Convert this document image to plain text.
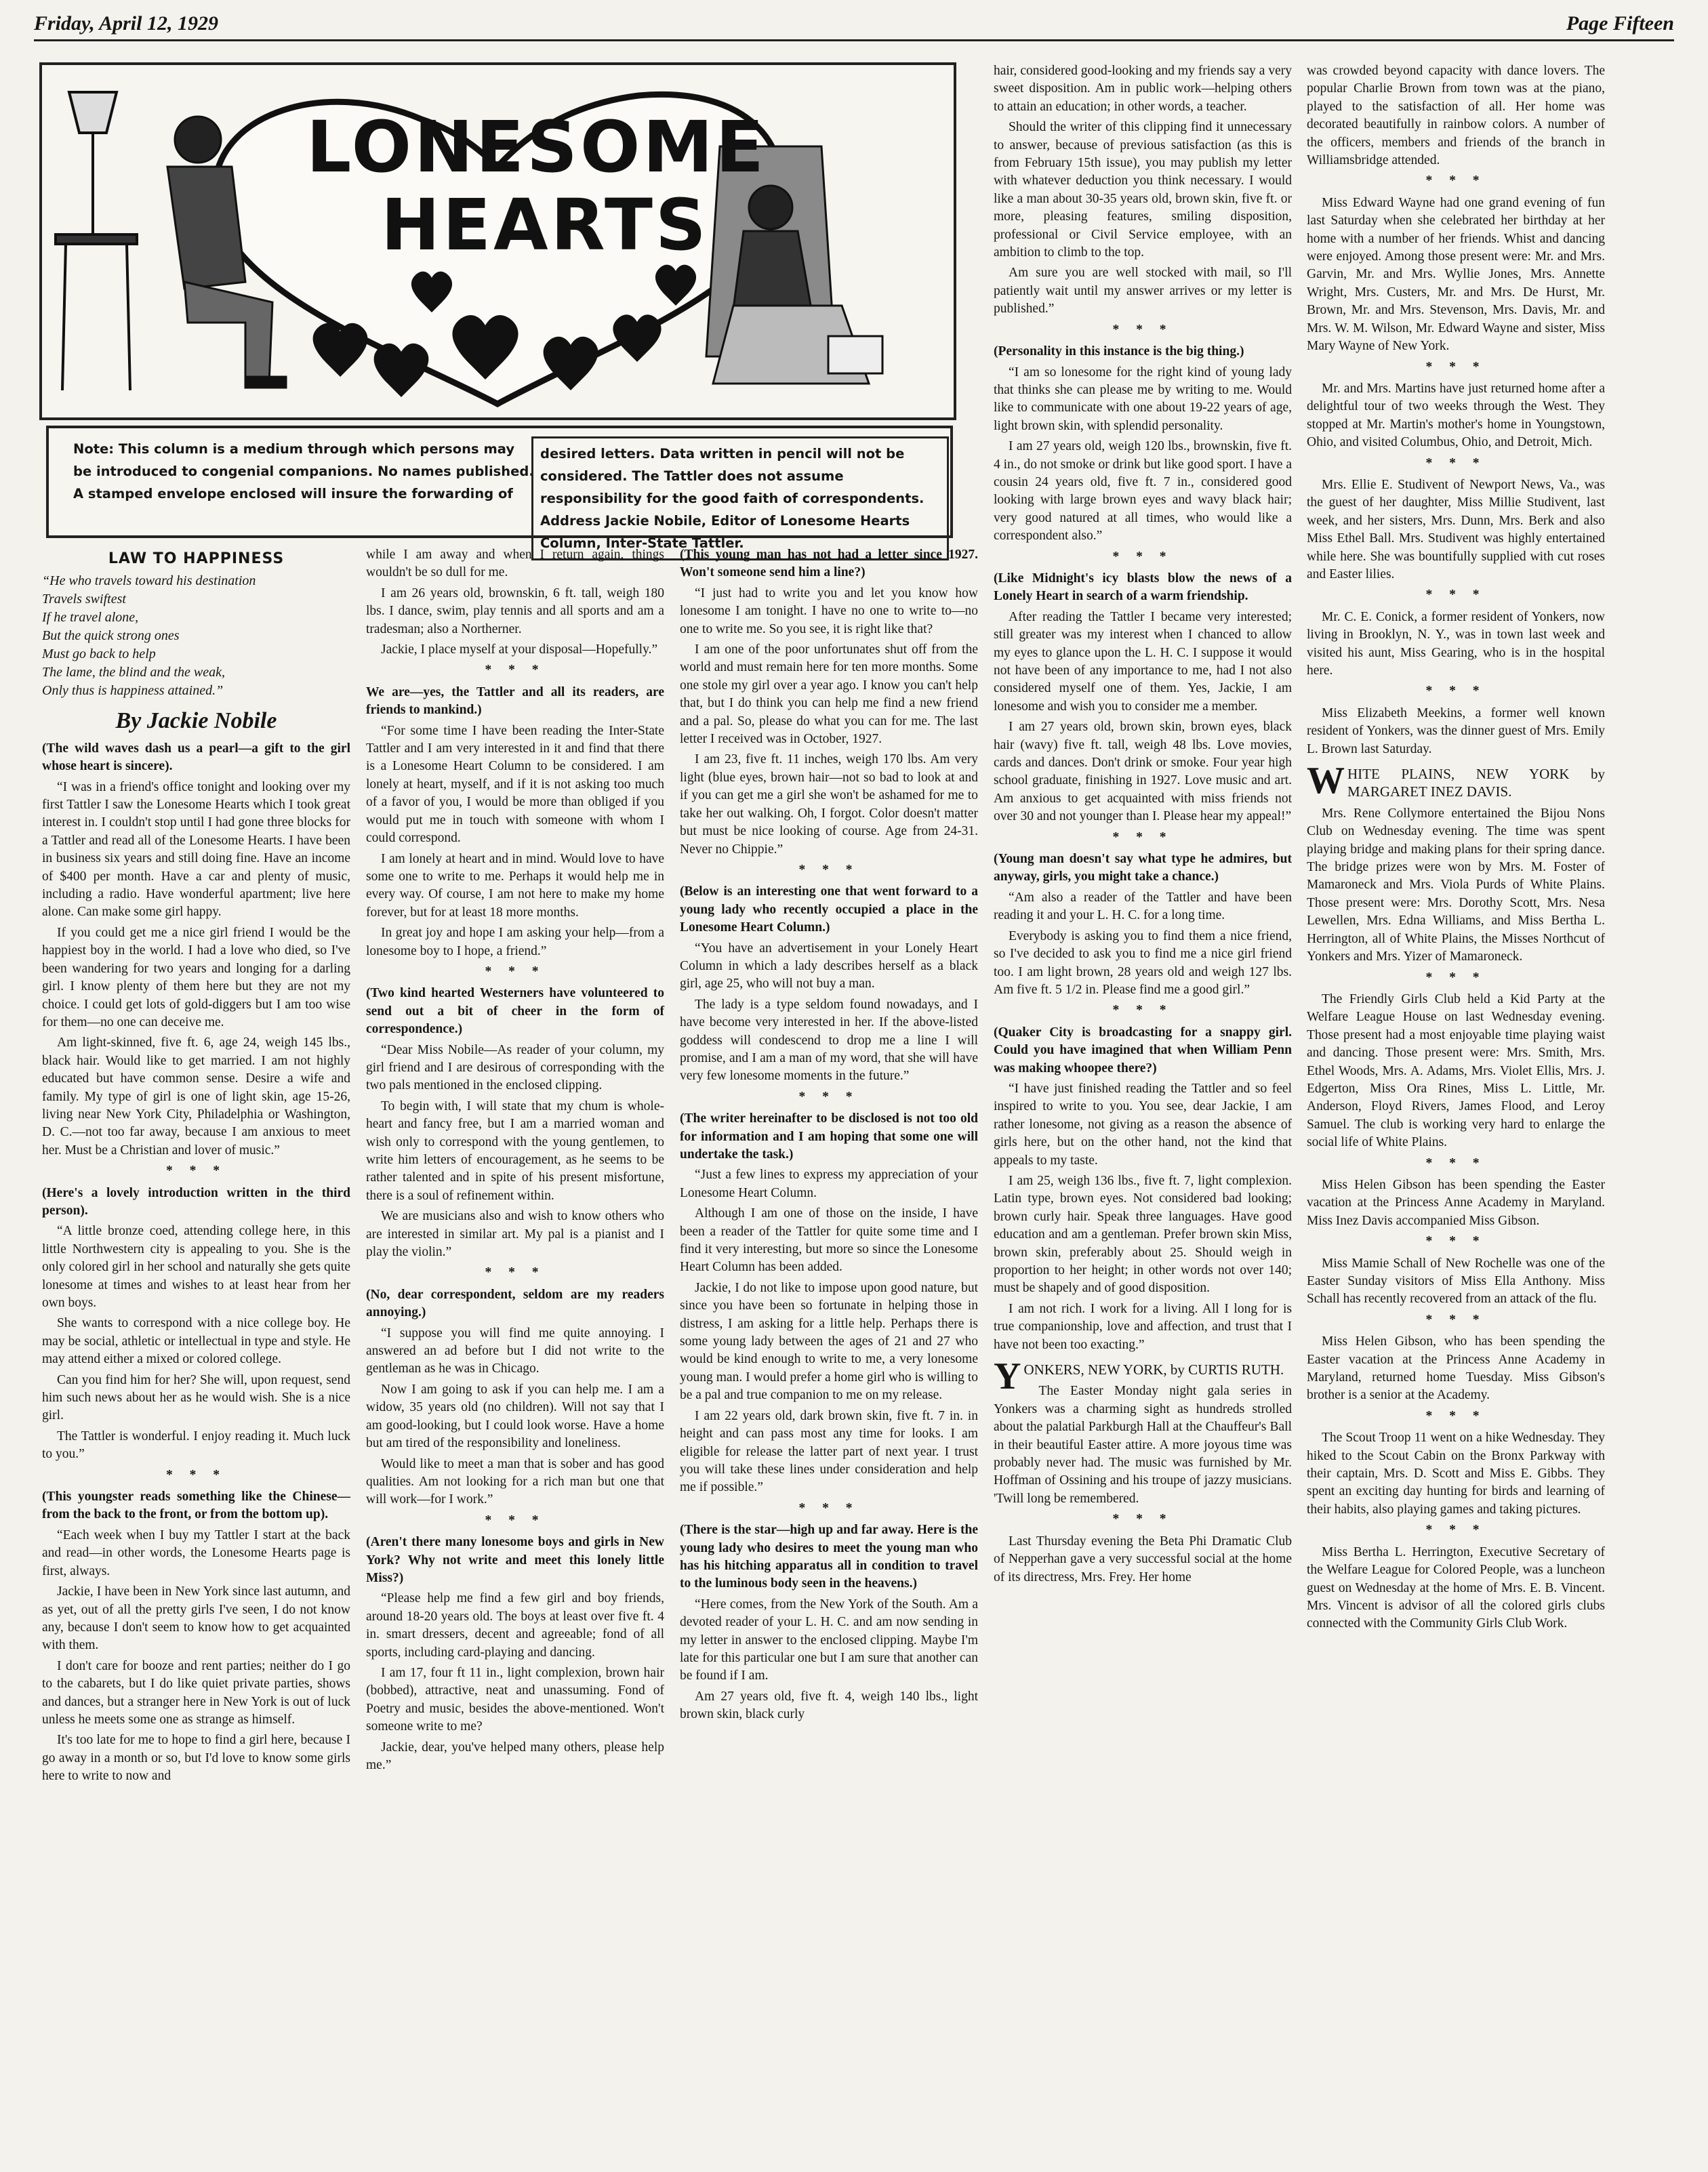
Friday, April 12, 1929	Page Fifteen
LONESOME
HEARTS
Note: This column is a medium through which persons may be introduced to congenial companions. No names published. A stamped envelope enclosed will insure the forwarding of
desired letters. Data written in pencil will not be considered. The Tattler does not assume responsibility for the good faith of correspondents. Address Jackie Nobile, Editor of Lonesome Hearts Column, Inter-State Tattler.
LAW TO HAPPINESS
“He who travels toward his destination
Travels swiftest
If he travel alone,
But the quick strong ones
Must go back to help
The lame, the blind and the weak,
Only thus is happiness attained.”
By Jackie Nobile

(The wild waves dash us a pearl—a gift to the girl whose heart is sincere).

“I was in a friend's office tonight and looking over my first Tattler I saw the Lonesome Hearts which I took great interest in. I couldn't stop until I had gone three blocks for a Tattler and read all of the Lonesome Hearts. I have been in business six years and still doing fine. Have an income of $400 per month. Have a car and plenty of music, including a radio. Have wonderful apartment; live here alone. Can make some girl happy.

If you could get me a nice girl friend I would be the happiest boy in the world. I had a love who died, so I've been wandering for two years and longing for a darling girl. I know plenty of them here but they are not my choice. I could get lots of gold-diggers but I am too wise for them—no one can deceive me.

Am light-skinned, five ft. 6, age 24, weigh 145 lbs., black hair. Would like to get married. I am not highly educated but have common sense. Desire a wife and family. My type of girl is one of light skin, age 15-26, living near New York City, Philadelphia or Washington, D. C.—not too far away, because I am anxious to meet her. Must be a Christian and lover of music.”

* * *

(Here's a lovely introduction written in the third person).

“A little bronze coed, attending college here, in this little Northwestern city is appealing to you. She is the only colored girl in her school and naturally she gets quite lonesome at times and wishes to at least hear from her own boys.

She wants to correspond with a nice college boy. He may be social, athletic or intellectual in type and style. He may attend either a mixed or colored college.

Can you find him for her? She will, upon request, send him such news about her as he would wish. She is a nice girl.

The Tattler is wonderful. I enjoy reading it. Much luck to you.”

* * *

(This youngster reads something like the Chinese—from the back to the front, or from the bottom up).

“Each week when I buy my Tattler I start at the back and read—in other words, the Lonesome Hearts page is first, always.

Jackie, I have been in New York since last autumn, and as yet, out of all the pretty girls I've seen, I do not know any, because I don't seem to know how to get acquainted with them.

I don't care for booze and rent parties; neither do I go to the cabarets, but I do like quiet private parties, shows and dances, but a stranger here in New York is out of luck unless he meets some one as strange as himself.

It's too late for me to hope to find a girl here, because I go away in a month or so, but I'd love to know some girls here to write to now and

while I am away and when I return again, things wouldn't be so dull for me.

I am 26 years old, brownskin, 6 ft. tall, weigh 180 lbs. I dance, swim, play tennis and all sports and am a tradesman; also a Northerner.

Jackie, I place myself at your disposal—Hopefully.”

* * *

We are—yes, the Tattler and all its readers, are friends to mankind.)

“For some time I have been reading the Inter-State Tattler and I am very interested in it and find that there is a Lonesome Heart Column to be considered. I am lonely at heart, myself, and if it is not asking too much of a favor of you, I would be more than obliged if you would put me in touch with someone with whom I could correspond.

I am lonely at heart and in mind. Would love to have some one to write to me. Perhaps it would help me in every way. Of course, I am not here to make my home forever, but for at least 18 more months.

In great joy and hope I am asking your help—from a lonesome boy to I hope, a friend.”

* * *

(Two kind hearted Westerners have volunteered to send out a bit of cheer in the form of correspondence.)

“Dear Miss Nobile—As reader of your column, my girl friend and I are desirous of corresponding with the two pals mentioned in the enclosed clipping.

To begin with, I will state that my chum is whole-heart and fancy free, but I am a married woman and wish only to correspond with the young gentlemen, to write him letters of encouragement, as he seems to be rather talented and in spite of his present misfortune, there is a soul of refinement within.

We are musicians also and wish to know others who are interested in similar art. My pal is a pianist and I play the violin.”

* * *

(No, dear correspondent, seldom are my readers annoying.)

“I suppose you will find me quite annoying. I answered an ad before but I did not write to the gentleman as he was in Chicago.

Now I am going to ask if you can help me. I am a widow, 35 years old (no children). Will not say that I am good-looking, but I could look worse. Have a home but am tired of the responsibility and loneliness.

Would like to meet a man that is sober and has good qualities. Am not looking for a rich man but one that will work—for I work.”

* * *

(Aren't there many lonesome boys and girls in New York? Why not write and meet this lonely little Miss?)

“Please help me find a few girl and boy friends, around 18-20 years old. The boys at least over five ft. 4 in. smart dressers, decent and agreeable; fond of all sports, including card-playing and dancing.

I am 17, four ft 11 in., light complexion, brown hair (bobbed), attractive, neat and unassuming. Fond of Poetry and music, besides the above-mentioned. Won't someone write to me?

Jackie, dear, you've helped many others, please help me.”

(This young man has not had a letter since 1927. Won't someone send him a line?)

“I just had to write you and let you know how lonesome I am tonight. I have no one to write to—no one to write me. So you see, it is right like that?

I am one of the poor unfortunates shut off from the world and must remain here for ten more months. Some one stole my girl over a year ago. I know you can't help that, but I do think you can help me find a new friend and a pal. So, please do what you can for me. The last letter I received was in October, 1927.

I am 23, five ft. 11 inches, weigh 170 lbs. Am very light (blue eyes, brown hair—not so bad to look at and if you can get me a girl she won't be ashamed for me to take her out walking. Oh, I forgot. Color doesn't matter but must be nice looking of course. Age from 24-31. Never no Chippie.”

* * *

(Below is an interesting one that went forward to a young lady who recently occupied a place in the Lonesome Heart Column.)

“You have an advertisement in your Lonely Heart Column in which a lady describes herself as a black girl, age 25, who will not buy a man.

The lady is a type seldom found nowadays, and I have become very interested in her. If the above-listed goddess will condescend to drop me a line I will promise, and I am a man of my word, that she will have very few lonesome moments in the future.”

* * *

(The writer hereinafter to be disclosed is not too old for information and I am hoping that some one will undertake the task.)

“Just a few lines to express my appreciation of your Lonesome Heart Column.

Although I am one of those on the inside, I have been a reader of the Tattler for quite some time and I find it very interesting, but more so since the Lonesome Heart Column has been added.

Jackie, I do not like to impose upon good nature, but since you have been so fortunate in helping those in distress, I am asking for a little help. Perhaps there is some young lady between the ages of 21 and 27 who would be kind enough to write to me, a very lonesome young man. I would prefer a home girl who is willing to be a pal and true companion to me on my release.

I am 22 years old, dark brown skin, five ft. 7 in. in height and can pass most any time for looks. I am eligible for release the latter part of next year. I trust you will take these lines under consideration and help me if possible.”

* * *

(There is the star—high up and far away. Here is the young lady who desires to meet the young man who has his hitching apparatus all in condition to travel to the luminous body seen in the heavens.)

“Here comes, from the New York of the South. Am a devoted reader of your L. H. C. and am now sending in my letter in answer to the enclosed clipping. Maybe I'm late for this particular one but I am sure that another can be found if I am.

Am 27 years old, five ft. 4, weigh 140 lbs., light brown skin, black curly

hair, considered good-looking and my friends say a very sweet disposition. Am in public work—helping others to attain an education; in other words, a teacher.

Should the writer of this clipping find it unnecessary to answer, because of previous satisfaction (as this is from February 15th issue), you may publish my letter with whatever deduction you think necessary. I would like a man about 30-35 years old, brown skin, five ft. or more, pleasing features, smiling disposition, professional or Civil Service employee, with an ambition to climb to the top.

Am sure you are well stocked with mail, so I'll patiently wait until my answer arrives or my letter is published.”

* * *

(Personality in this instance is the big thing.)

“I am so lonesome for the right kind of young lady that thinks she can please me by writing to me. Would like to communicate with one about 19-22 years of age, light brown skin, with splendid personality.

I am 27 years old, weigh 120 lbs., brownskin, five ft. 4 in., do not smoke or drink but like good sport. I have a cousin 24 years old, five ft. 7 in., considered good looking with large brown eyes and wavy black hair; very good natured at all times, who would like a correspondent also.”

* * *

(Like Midnight's icy blasts blow the news of a Lonely Heart in search of a warm friendship.

After reading the Tattler I became very interested; still greater was my interest when I chanced to allow my eyes to glance upon the L. H. C. I suppose it would not have been of any importance to me, had I not also considered myself one of them. Yes, Jackie, I am lonesome and wish you to consider me a member.

I am 27 years old, brown skin, brown eyes, black hair (wavy) five ft. tall, weigh 48 lbs. Love movies, cards and dances. Don't drink or smoke. Four year high school graduate, finishing in 1927. Love music and art. Am anxious to get acquainted with miss friends not over 30 and not younger than I. Please hear my appeal!”

* * *

(Young man doesn't say what type he admires, but anyway, girls, you might take a chance.)

“Am also a reader of the Tattler and have been reading it and your L. H. C. for a long time.

Everybody is asking you to find them a nice friend, so I've decided to ask you to find me a nice girl friend too. I am light brown, 28 years old and weigh 127 lbs. Am five ft. 5 1/2 in. Please find me a good girl.”

* * *

(Quaker City is broadcasting for a snappy girl. Could you have imagined that when William Penn was making whoopee there?)

“I have just finished reading the Tattler and so feel inspired to write to you. You see, dear Jackie, I am rather lonesome, not giving as a reason the absence of girls here, but on the other hand, not the kind that appeals to my taste.

I am 25, weigh 136 lbs., five ft. 7, light complexion. Latin type, brown eyes. Not considered bad looking; brown curly hair. Speak three languages. Have good education and am a gentleman. Prefer brown skin Miss, brown skin, preferably about 25. Should weigh in proportion to her height; in other words not over 140; must be shapely and of good disposition.

I am not rich. I work for a living. All I long for is true companionship, love and affection, and trust that I have not been too exacting.”

YONKERS, NEW YORK, by CURTIS RUTH.

The Easter Monday night gala series in Yonkers was a charming sight as hundreds strolled about the palatial Parkburgh Hall at the Chauffeur's Ball in their beautiful Easter attire. A more joyous time was probably never had. The music was furnished by Mr. Hoffman of Ossining and his troupe of jazzy musicians. 'Twill long be remembered.

* * *

Last Thursday evening the Beta Phi Dramatic Club of Nepperhan gave a very successful social at the home of its directress, Mrs. Frey. Her home

was crowded beyond capacity with dance lovers. The popular Charlie Brown from town was at the piano, played to the satisfaction of all. Her home was decorated beautifully in rainbow colors. A number of the officers, members and friends of the branch in Williamsbridge attended.

* * *

Miss Edward Wayne had one grand evening of fun last Saturday when she celebrated her birthday at her home with a number of her friends. Whist and dancing were enjoyed. Among those present were: Mr. and Mrs. Garvin, Mr. and Mrs. Wyllie Jones, Mrs. Annette Wright, Mrs. Custers, Mr. and Mrs. De Hurst, Mr. Brown, Mr. and Mrs. Stevenson, Mrs. Davis, Mr. and Mrs. W. M. Wilson, Mr. Edward Wayne and sister, Miss Mary Wayne of New York.

* * *

Mr. and Mrs. Martins have just returned home after a delightful tour of two weeks through the West. They stopped at Mr. Martin's mother's home in Youngstown, Ohio, and visited Columbus, Ohio, and Detroit, Mich.

* * *

Mrs. Ellie E. Studivent of Newport News, Va., was the guest of her daughter, Miss Millie Studivent, last week, and her sisters, Mrs. Dunn, Mrs. Berk and also Miss Ethel Ball. Mrs. Studivent was highly entertained while here. She was bountifully supplied with cut roses and Easter lilies.

* * *

Mr. C. E. Conick, a former resident of Yonkers, now living in Brooklyn, N. Y., was in town last week and visited his aunt, Miss Gearing, who is in the hospital here.

* * *

Miss Elizabeth Meekins, a former well known resident of Yonkers, was the dinner guest of Mrs. Emily L. Brown last Saturday.

WHITE PLAINS, NEW YORK by MARGARET INEZ DAVIS.

Mrs. Rene Collymore entertained the Bijou Nons Club on Wednesday evening. The time was spent playing bridge and making plans for their spring dance. The bridge prizes were won by Mrs. M. Foster of Mamaroneck and Mrs. Viola Purds of White Plains. Those present were: Mrs. Dorothy Scott, Mrs. Nesa Lewellen, Mrs. Edna Williams, and Miss Bertha L. Herrington, all of White Plains, the Misses Northcut of Yonkers and Mrs. Yizer of Mamaroneck.

* * *

The Friendly Girls Club held a Kid Party at the Welfare League House on last Wednesday evening. Those present had a most enjoyable time playing waist and dancing. Those present were: Mrs. Smith, Mrs. Ethel Woods, Mrs. A. Adams, Mrs. Violet Ellis, Mrs. J. Edgerton, Miss Ora Rines, Miss L. Little, Mr. Anderson, Floyd Rivers, James Flood, and Leroy Samuel. The club is working very hard to enlarge the social life of White Plains.

* * *

Miss Helen Gibson has been spending the Easter vacation at the Princess Anne Academy in Maryland. Miss Inez Davis accompanied Miss Gibson.

* * *

Miss Mamie Schall of New Rochelle was one of the Easter Sunday visitors of Miss Ella Anthony. Miss Schall has recently recovered from an attack of the flu.

* * *

Miss Helen Gibson, who has been spending the Easter vacation at the Princess Anne Academy in Maryland, returned home Tuesday. Miss Gibson's brother is a senior at the Academy.

* * *

The Scout Troop 11 went on a hike Wednesday. They hiked to the Scout Cabin on the Bronx Parkway with their captain, Mrs. D. Scott and Miss E. Gibbs. They spent an exciting day hunting for birds and learning of their habits, also playing games and taking pictures.

* * *

Miss Bertha L. Herrington, Executive Secretary of the Welfare League for Colored People, was a luncheon guest on Wednesday at the home of Mrs. E. B. Vincent. Mrs. Vincent is advisor of all the colored girls clubs connected with the Community Girls Club Work.
